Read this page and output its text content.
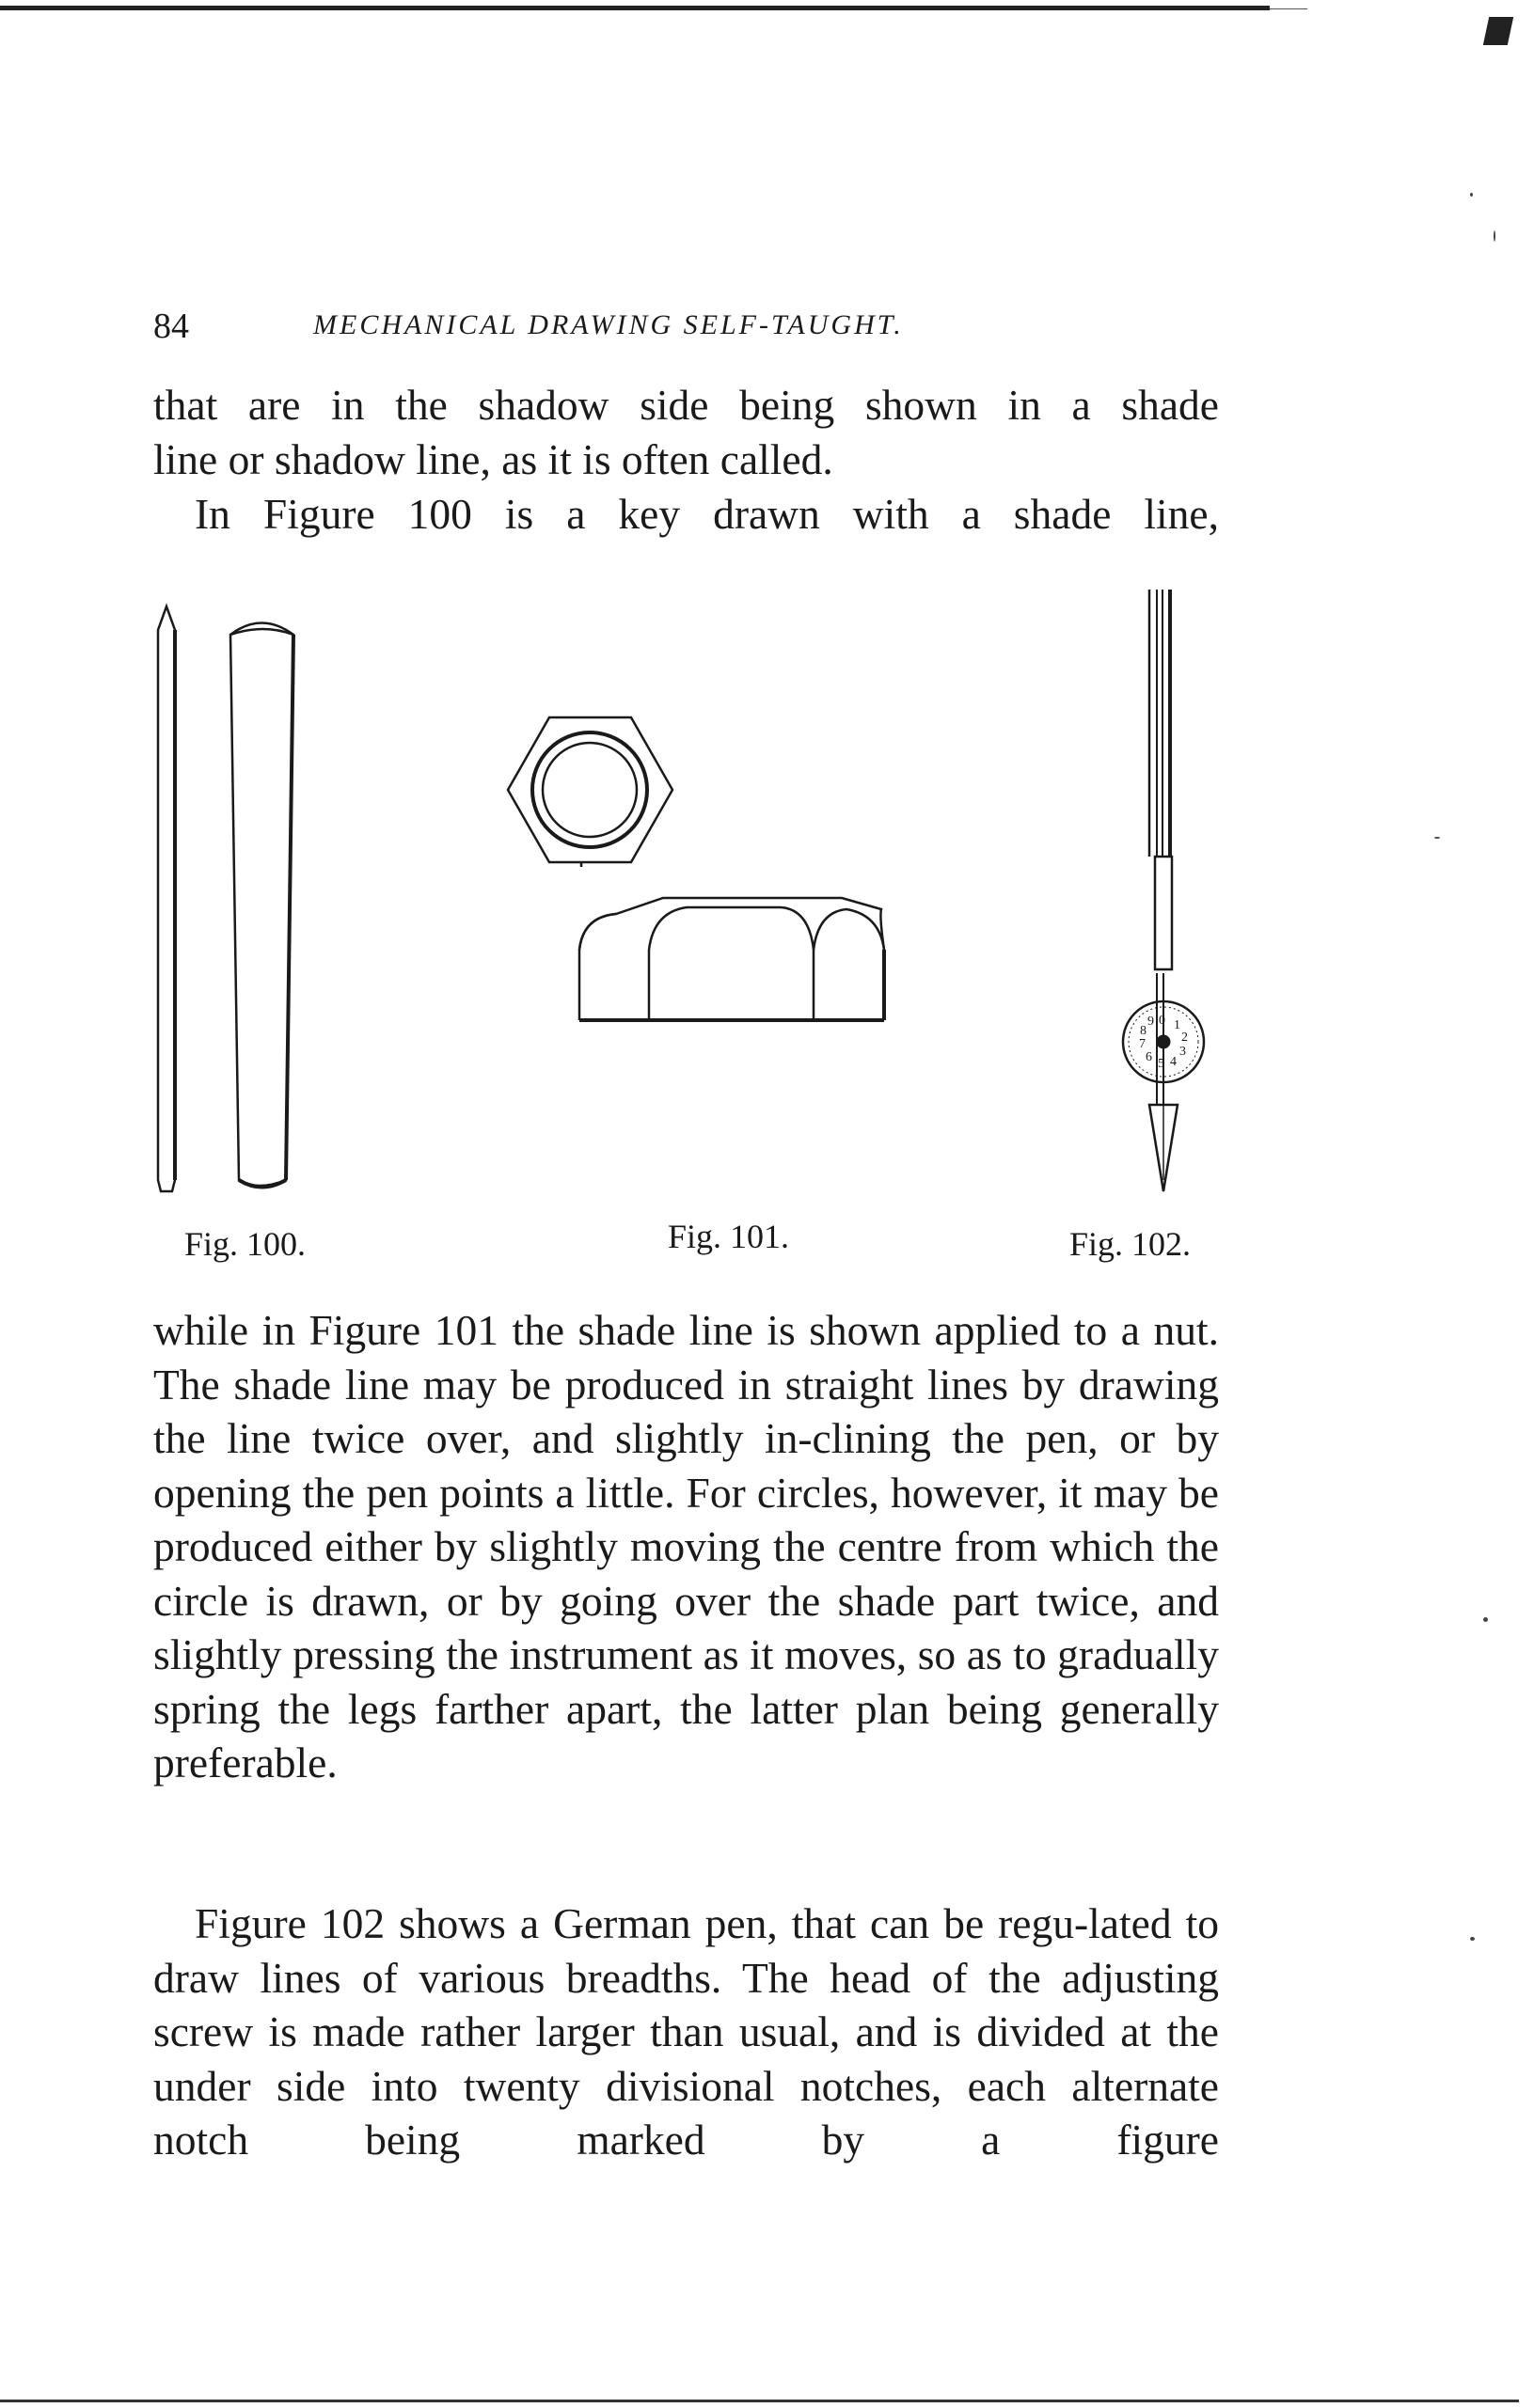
84	MECHANICAL DRAWING SELF-TAUGHT.

that are in the shadow side being shown in a shade

line or shadow line, as it is often called.

In Figure 100 is a key drawn with a shade line,

0 1
2
3
4
5
6
7
8
9
Fig. 100.	Fig. 101.	Fig. 102.

while in Figure 101 the shade line is shown applied to a nut. The shade line may be produced in straight lines by drawing the line twice over, and slightly in-clining the pen, or by opening the pen points a little. For circles, however, it may be produced either by slightly moving the centre from which the circle is drawn, or by going over the shade part twice, and slightly pressing the instrument as it moves, so as to gradually spring the legs farther apart, the latter plan being generally preferable.

Figure 102 shows a German pen, that can be regu-lated to draw lines of various breadths. The head of the adjusting screw is made rather larger than usual, and is divided at the under side into twenty divisional notches, each alternate notch being marked by a figure
